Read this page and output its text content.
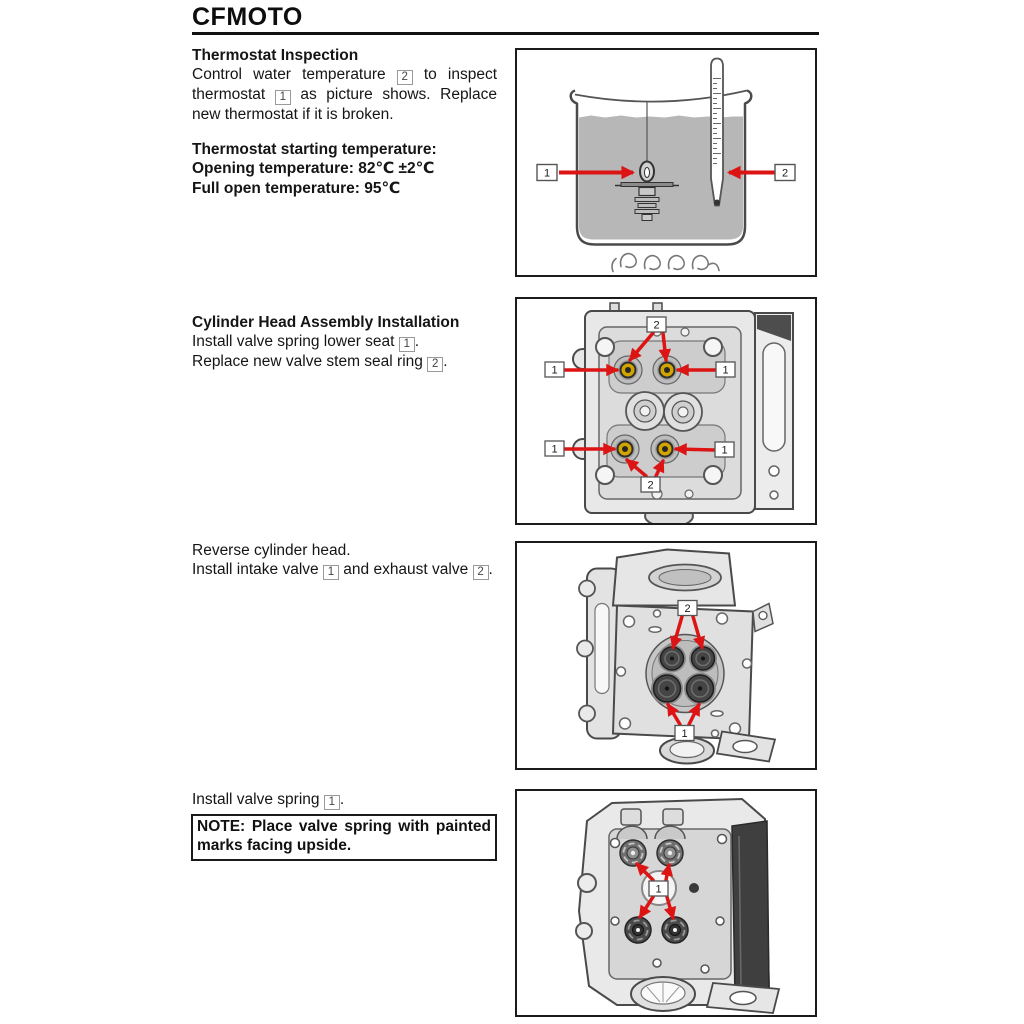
CFMOTO
Thermostat Inspection

Control water temperature 2 to inspect thermostat 1 as picture shows. Replace new thermostat if it is broken.

Thermostat starting temperature:

Opening temperature: 82℃ ±2℃

Full open temperature: 95℃

Cylinder Head Assembly Installation

Install valve spring lower seat 1 .

Replace new valve stem seal ring 2 .

Reverse cylinder head.

Install intake valve 1 and exhaust valve 2 .

Install valve spring 1 .

NOTE: Place valve spring with painted marks facing upside.
1	2
2
1	1
1	1
2
2
1
1
